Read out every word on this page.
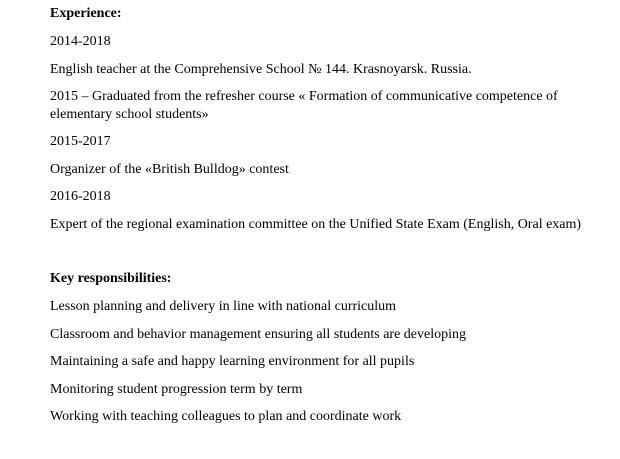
Experience:
2014-2018
English teacher at the Comprehensive School № 144. Krasnoyarsk. Russia.
2015 – Graduated from the refresher course « Formation of communicative competence of
elementary school students»
2015-2017
Organizer of the «British Bulldog» contest
2016-2018
Expert of the regional examination committee on the Unified State Exam (English, Oral exam)
Key responsibilities:
Lesson planning and delivery in line with national curriculum
Classroom and behavior management ensuring all students are developing
Maintaining a safe and happy learning environment for all pupils
Monitoring student progression term by term
Working with teaching colleagues to plan and coordinate work
